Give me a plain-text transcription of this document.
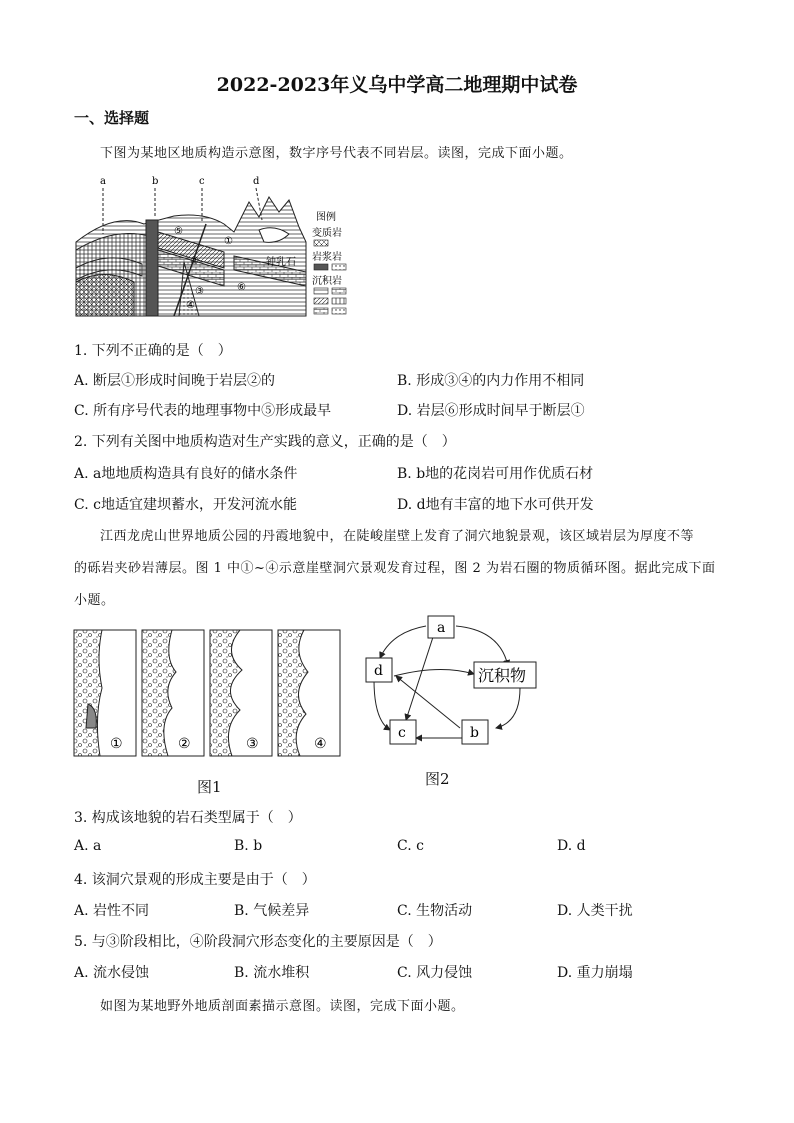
2022-2023年义乌中学高二地理期中试卷
一、选择题
下图为某地区地质构造示意图，数字序号代表不同岩层。读图，完成下面小题。
a	b	c	d
⑤
②
③
④
⑥
①
钟乳石
图例
变质岩
岩浆岩
沉积岩
1. 下列不正确的是（　）
A. 断层①形成时间晚于岩层②的	B. 形成③④的内力作用不相同
C. 所有序号代表的地理事物中⑤形成最早	D. 岩层⑥形成时间早于断层①
2. 下列有关图中地质构造对生产实践的意义，正确的是（　）
A. a地地质构造具有良好的储水条件	B. b地的花岗岩可用作优质石材
C. c地适宜建坝蓄水，开发河流水能	D. d地有丰富的地下水可供开发
江西龙虎山世界地质公园的丹霞地貌中，在陡峻崖壁上发育了洞穴地貌景观，该区域岩层为厚度不等
的砾岩夹砂岩薄层。图 1 中①~④示意崖壁洞穴景观发育过程，图 2 为岩石圈的物质循环图。据此完成下面
小题。
①	②	③	④
图1
a
d	沉积物
c	b
图2
3. 构成该地貌的岩石类型属于（　）
A. a	B. b	C. c	D. d
4. 该洞穴景观的形成主要是由于（　）
A. 岩性不同	B. 气候差异	C. 生物活动	D. 人类干扰
5. 与③阶段相比，④阶段洞穴形态变化的主要原因是（　）
A. 流水侵蚀	B. 流水堆积	C. 风力侵蚀	D. 重力崩塌
如图为某地野外地质剖面素描示意图。读图，完成下面小题。
